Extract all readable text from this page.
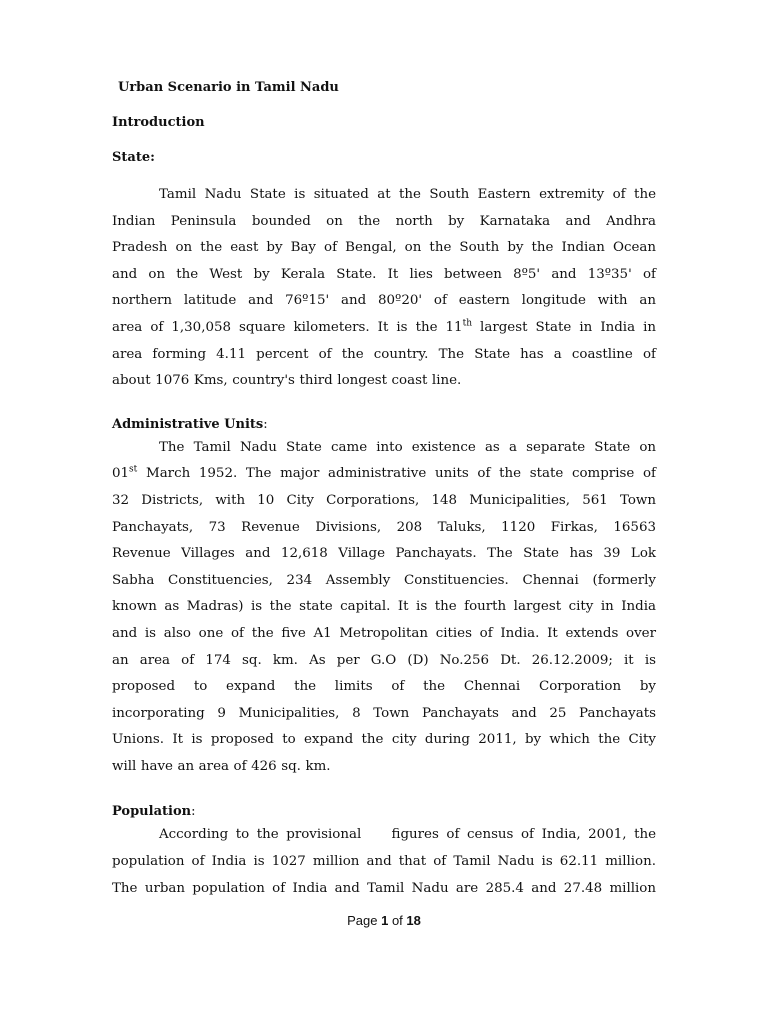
Urban Scenario in Tamil Nadu
Introduction
State:
Tamil Nadu State is situated at the South Eastern extremity of the
Indian Peninsula bounded on the north by Karnataka and Andhra
Pradesh on the east by Bay of Bengal, on the South by the Indian Ocean
and on the West by Kerala State. It lies between 8º5' and 13º35' of
northern latitude and 76º15' and 80º20' of eastern longitude with an
area of 1,30,058 square kilometers. It is the 11th largest State in India in
area forming 4.11 percent of the country. The State has a coastline of
about 1076 Kms, country's third longest coast line.
Administrative Units:
The Tamil Nadu State came into existence as a separate State on
01st March 1952. The major administrative units of the state comprise of
32 Districts, with 10 City Corporations, 148 Municipalities, 561 Town
Panchayats, 73 Revenue Divisions, 208 Taluks, 1120 Firkas, 16563
Revenue Villages and 12,618 Village Panchayats. The State has 39 Lok
Sabha Constituencies, 234 Assembly Constituencies. Chennai (formerly
known as Madras) is the state capital. It is the fourth largest city in India
and is also one of the five A1 Metropolitan cities of India. It extends over
an area of 174 sq. km. As per G.O (D) No.256 Dt. 26.12.2009; it is
proposed to expand the limits of the Chennai Corporation by
incorporating 9 Municipalities, 8 Town Panchayats and 25 Panchayats
Unions. It is proposed to expand the city during 2011, by which the City
will have an area of 426 sq. km.
Population:
According to the provisional    figures of census of India, 2001, the
population of India is 1027 million and that of Tamil Nadu is 62.11 million.
The urban population of India and Tamil Nadu are 285.4 and 27.48 million
Page 1 of 18
